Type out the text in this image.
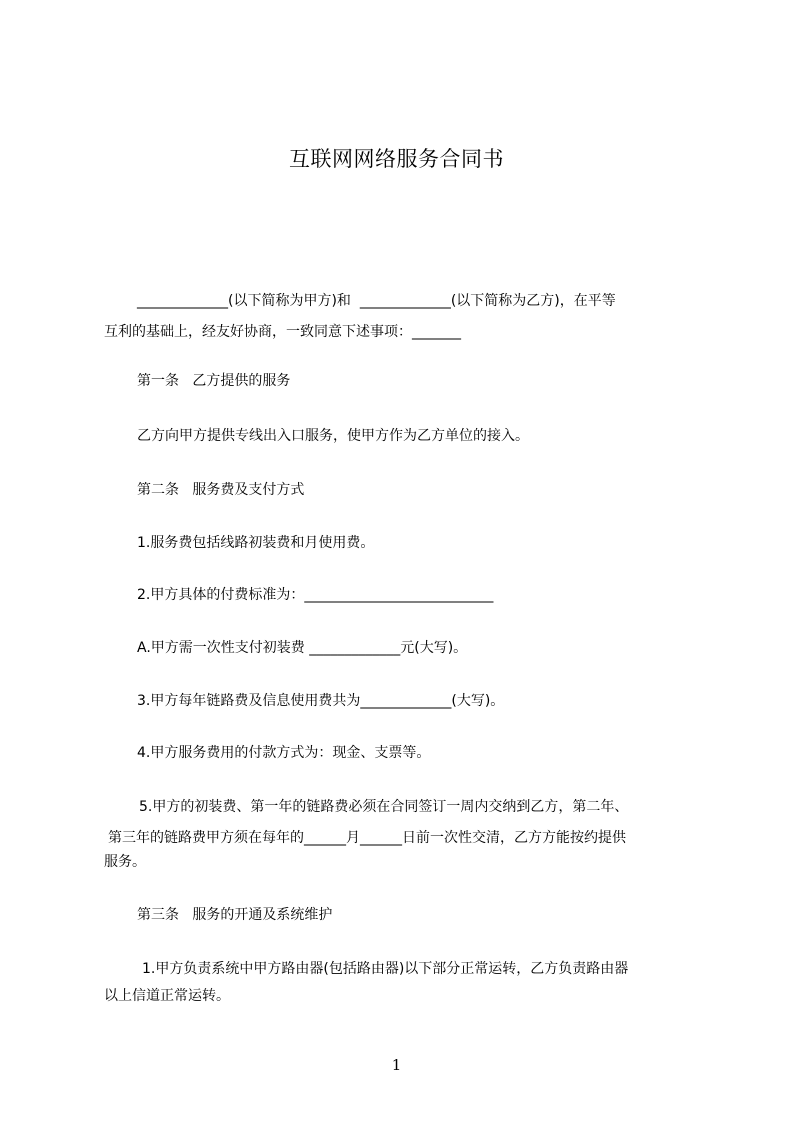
互联网网络服务合同书
_____________(以下简称为甲方)和  _____________(以下简称为乙方)，在平等
互利的基础上，经友好协商，一致同意下述事项：_______
第一条   乙方提供的服务
乙方向甲方提供专线出入口服务，使甲方作为乙方单位的接入。
第二条   服务费及支付方式
1.服务费包括线路初装费和月使用费。
2.甲方具体的付费标准为：___________________________
A.甲方需一次性支付初装费 _____________元(大写)。
3.甲方每年链路费及信息使用费共为_____________(大写)。
4.甲方服务费用的付款方式为：现金、支票等。
5.甲方的初装费、第一年的链路费必须在合同签订一周内交纳到乙方，第二年、
第三年的链路费甲方须在每年的______月______日前一次性交清，乙方方能按约提供
服务。
第三条   服务的开通及系统维护
1.甲方负责系统中甲方路由器(包括路由器)以下部分正常运转，乙方负责路由器
以上信道正常运转。
1
